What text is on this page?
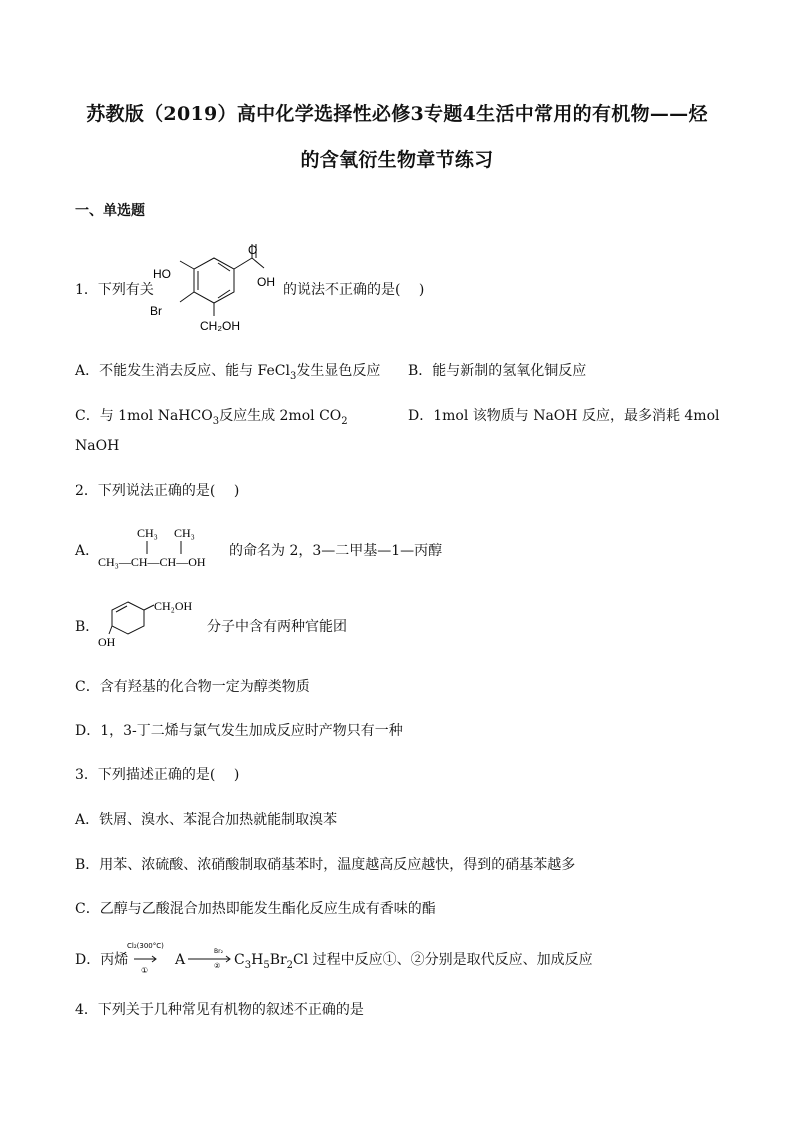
苏教版（2019）高中化学选择性必修3专题4生活中常用的有机物——烃
的含氧衍生物章节练习
一、单选题
1．下列有关
HO
O
OH
Br
CH₂OH
的说法不正确的是(　 )
A．不能发生消去反应、能与 FeCl$_3$发生显色反应 B．能与新制的氢氧化铜反应
C．与 1mol NaHCO$_3$反应生成 2mol $CO_2$	D．1mol 该物质与 NaOH 反应，最多消耗 4mol
NaOH
2．下列说法正确的是(　 )
A．
CH₃ CH₃
CH₃—CH—CH—OH
的命名为 2，3—二甲基—1—丙醇
B．
CH₂OH
OH
分子中含有两种官能团
C．含有羟基的化合物一定为醇类物质
D．1，3-丁二烯与氯气发生加成反应时产物只有一种
3．下列描述正确的是(　 )
A．铁屑、溴水、苯混合加热就能制取溴苯
B．用苯、浓硫酸、浓硝酸制取硝基苯时，温度越高反应越快，得到的硝基苯越多
C．乙醇与乙酸混合加热即能发生酯化反应生成有香味的酯
D．丙烯
Cl₂(300°C)
①
A
Br₂
② $C_3H_5Br_2Cl$ 过程中反应①、②分别是取代反应、加成反应
4．下列关于几种常见有机物的叙述不正确的是
